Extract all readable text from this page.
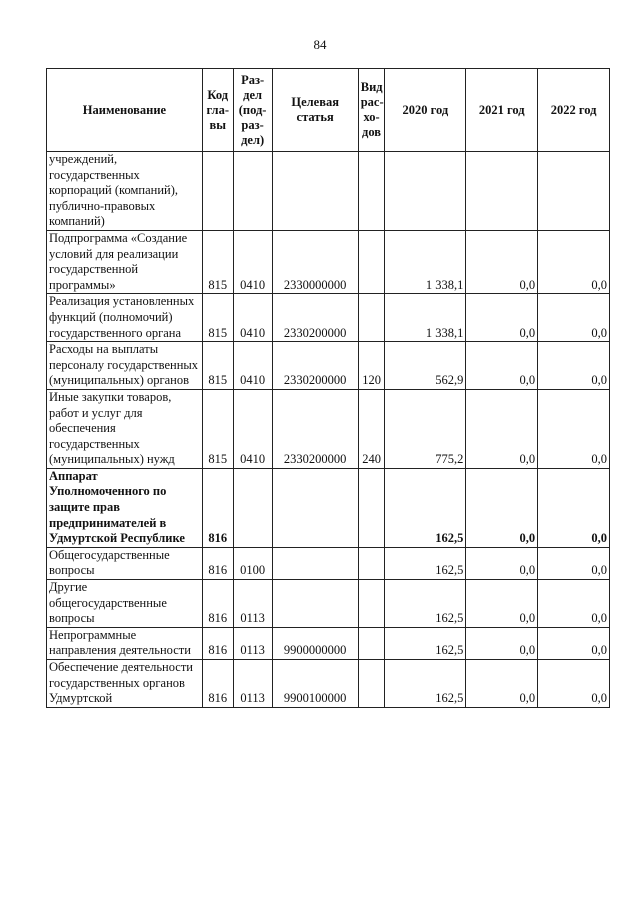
84
Наименование	Код гла- вы	Раз- дел (под- раз- дел)	Целевая статья	Вид рас- хо- дов	2020 год	2021 год	2022 год
учреждений, государственных корпораций (компаний), публично-правовых компаний)							
Подпрограмма «Создание условий для реализации государственной программы»	815	0410	2330000000		1 338,1	0,0	0,0
Реализация установленных функций (полномочий) государственного органа	815	0410	2330200000		1 338,1	0,0	0,0
Расходы на выплаты персоналу государственных (муниципальных) органов	815	0410	2330200000	120	562,9	0,0	0,0
Иные закупки товаров, работ и услуг для обеспечения государственных (муниципальных) нужд	815	0410	2330200000	240	775,2	0,0	0,0
Аппарат Уполномоченного по защите прав предпринимателей в Удмуртской Республике	816				162,5	0,0	0,0
Общегосударственные вопросы	816	0100			162,5	0,0	0,0
Другие общегосударственные вопросы	816	0113			162,5	0,0	0,0
Непрограммные направления деятельности	816	0113	9900000000		162,5	0,0	0,0
Обеспечение деятельности государственных органов Удмуртской	816	0113	9900100000		162,5	0,0	0,0
